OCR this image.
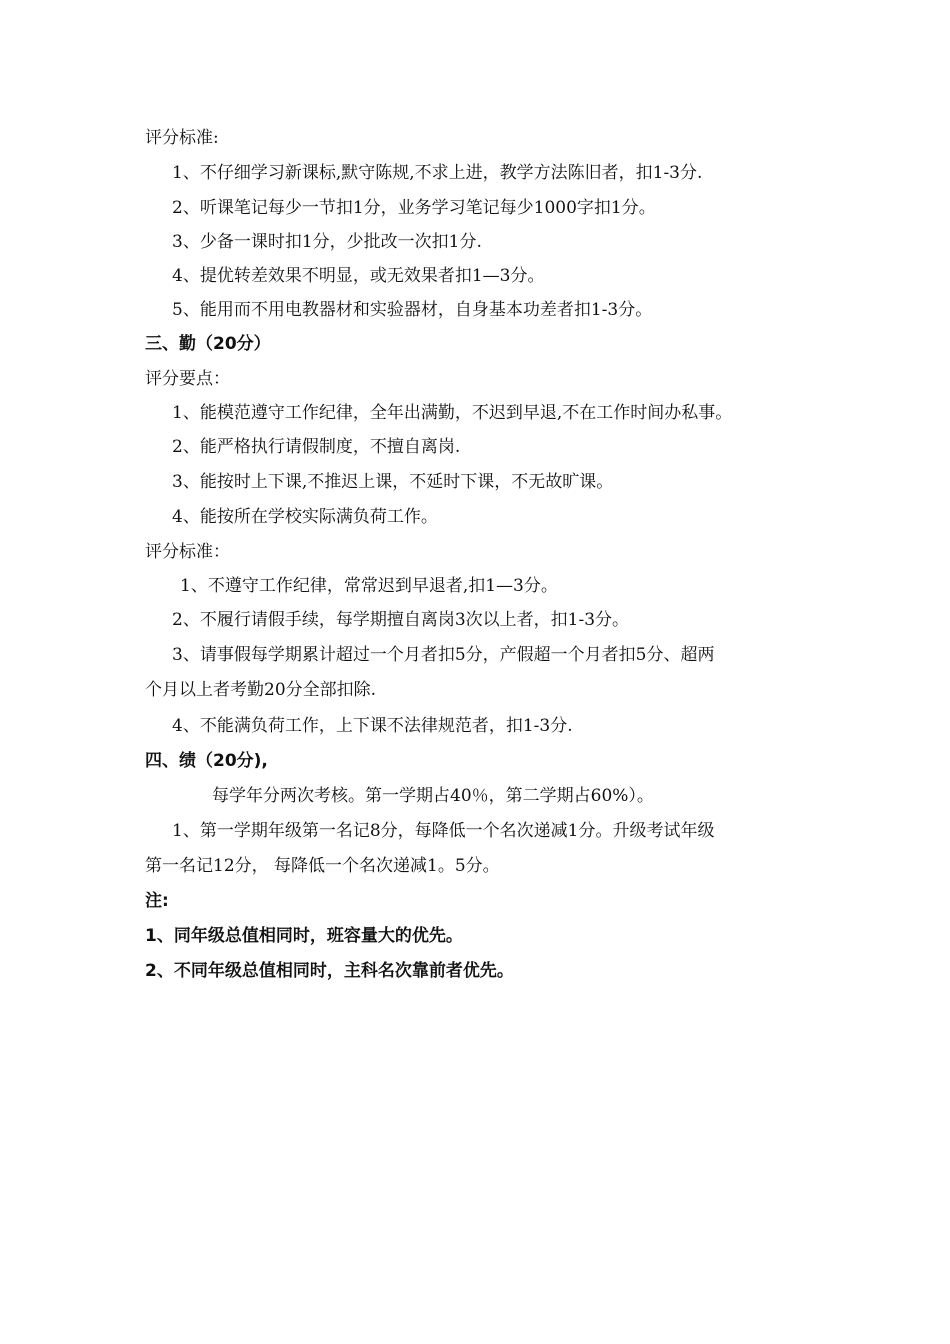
评分标准:
1、不仔细学习新课标,默守陈规,不求上进，教学方法陈旧者，扣1-3分.
2、听课笔记每少一节扣1分，业务学习笔记每少1000字扣1分。
3、少备一课时扣1分，少批改一次扣1分.
4、提优转差效果不明显，或无效果者扣1—3分。
5、能用而不用电教器材和实验器材，自身基本功差者扣1-3分。
三、勤（20分）
评分要点：
1、能模范遵守工作纪律，全年出满勤，不迟到早退,不在工作时间办私事。
2、能严格执行请假制度，不擅自离岗.
3、能按时上下课,不推迟上课，不延时下课，不无故旷课。
4、能按所在学校实际满负荷工作。
评分标准：
1、不遵守工作纪律，常常迟到早退者,扣1—3分。
2、不履行请假手续，每学期擅自离岗3次以上者，扣1-3分。
3、请事假每学期累计超过一个月者扣5分，产假超一个月者扣5分、超两
个月以上者考勤20分全部扣除.
4、不能满负荷工作，上下课不法律规范者，扣1-3分.
四、绩（20分),
每学年分两次考核。第一学期占40％，第二学期占60%）。
1、第一学期年级第一名记8分，每降低一个名次递减1分。升级考试年级
第一名记12分， 每降低一个名次递减1。5分。
注:
1、同年级总值相同时，班容量大的优先。
2、不同年级总值相同时，主科名次靠前者优先。
